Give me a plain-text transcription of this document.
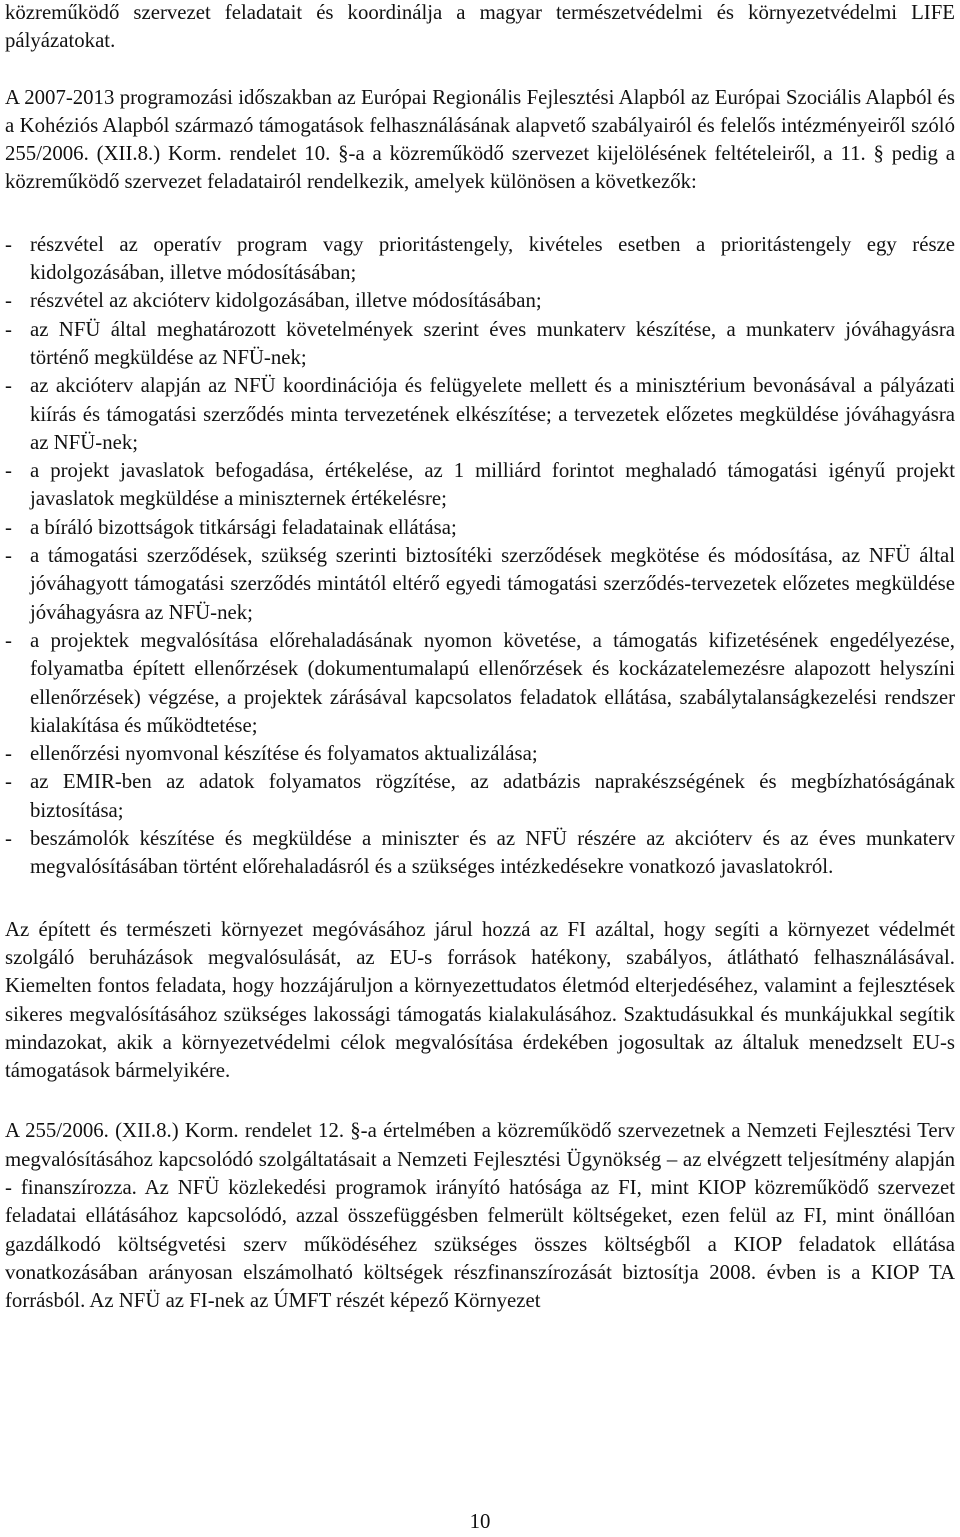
közreműködő szervezet feladatait és koordinálja a magyar természetvédelmi és környezetvédelmi LIFE pályázatokat.

A 2007-2013 programozási időszakban az Európai Regionális Fejlesztési Alapból az Európai Szociális Alapból és a Kohéziós Alapból származó támogatások felhasználásának alapvető szabályairól és felelős intézményeiről szóló 255/2006. (XII.8.) Korm. rendelet 10. §-a a közreműködő szervezet kijelölésének feltételeiről, a 11. § pedig a közreműködő szervezet feladatairól rendelkezik, amelyek különösen a következők:

- részvétel az operatív program vagy prioritástengely, kivételes esetben a prioritástengely egy része kidolgozásában, illetve módosításában;
- részvétel az akcióterv kidolgozásában, illetve módosításában;
- az NFÜ által meghatározott követelmények szerint éves munkaterv készítése, a munkaterv jóváhagyásra történő megküldése az NFÜ-nek;
- az akcióterv alapján az NFÜ koordinációja és felügyelete mellett és a minisztérium bevonásával a pályázati kiírás és támogatási szerződés minta tervezetének elkészítése; a tervezetek előzetes megküldése jóváhagyásra az NFÜ-nek;
- a projekt javaslatok befogadása, értékelése, az 1 milliárd forintot meghaladó támogatási igényű projekt javaslatok megküldése a miniszternek értékelésre;
- a bíráló bizottságok titkársági feladatainak ellátása;
- a támogatási szerződések, szükség szerinti biztosítéki szerződések megkötése és módosítása, az NFÜ által jóváhagyott támogatási szerződés mintától eltérő egyedi támogatási szerződés-tervezetek előzetes megküldése jóváhagyásra az NFÜ-nek;
- a projektek megvalósítása előrehaladásának nyomon követése, a támogatás kifizetésének engedélyezése, folyamatba épített ellenőrzések (dokumentumalapú ellenőrzések és kockázatelemezésre alapozott helyszíni ellenőrzések) végzése, a projektek zárásával kapcsolatos feladatok ellátása, szabálytalanságkezelési rendszer kialakítása és működtetése;
- ellenőrzési nyomvonal készítése és folyamatos aktualizálása;
- az EMIR-ben az adatok folyamatos rögzítése, az adatbázis naprakészségének és megbízhatóságának biztosítása;
- beszámolók készítése és megküldése a miniszter és az NFÜ részére az akcióterv és az éves munkaterv megvalósításában történt előrehaladásról és a szükséges intézkedésekre vonatkozó javaslatokról.

Az épített és természeti környezet megóvásához járul hozzá az FI azáltal, hogy segíti a környezet védelmét szolgáló beruházások megvalósulását, az EU-s források hatékony, szabályos, átlátható felhasználásával. Kiemelten fontos feladata, hogy hozzájáruljon a környezettudatos életmód elterjedéséhez, valamint a fejlesztések sikeres megvalósításához szükséges lakossági támogatás kialakulásához. Szaktudásukkal és munkájukkal segítik mindazokat, akik a környezetvédelmi célok megvalósítása érdekében jogosultak az általuk menedzselt EU-s támogatások bármelyikére.

A 255/2006. (XII.8.) Korm. rendelet 12. §-a értelmében a közreműködő szervezetnek a Nemzeti Fejlesztési Terv megvalósításához kapcsolódó szolgáltatásait a Nemzeti Fejlesztési Ügynökség – az elvégzett teljesítmény alapján - finanszírozza. Az NFÜ közlekedési programok irányító hatósága az FI, mint KIOP közreműködő szervezet feladatai ellátásához kapcsolódó, azzal összefüggésben felmerült költségeket, ezen felül az FI, mint önállóan gazdálkodó költségvetési szerv működéséhez szükséges összes költségből a KIOP feladatok ellátása vonatkozásában arányosan elszámolható költségek részfinanszírozását biztosítja 2008. évben is a KIOP TA forrásból. Az NFÜ az FI-nek az ÚMFT részét képező Környezet

10
